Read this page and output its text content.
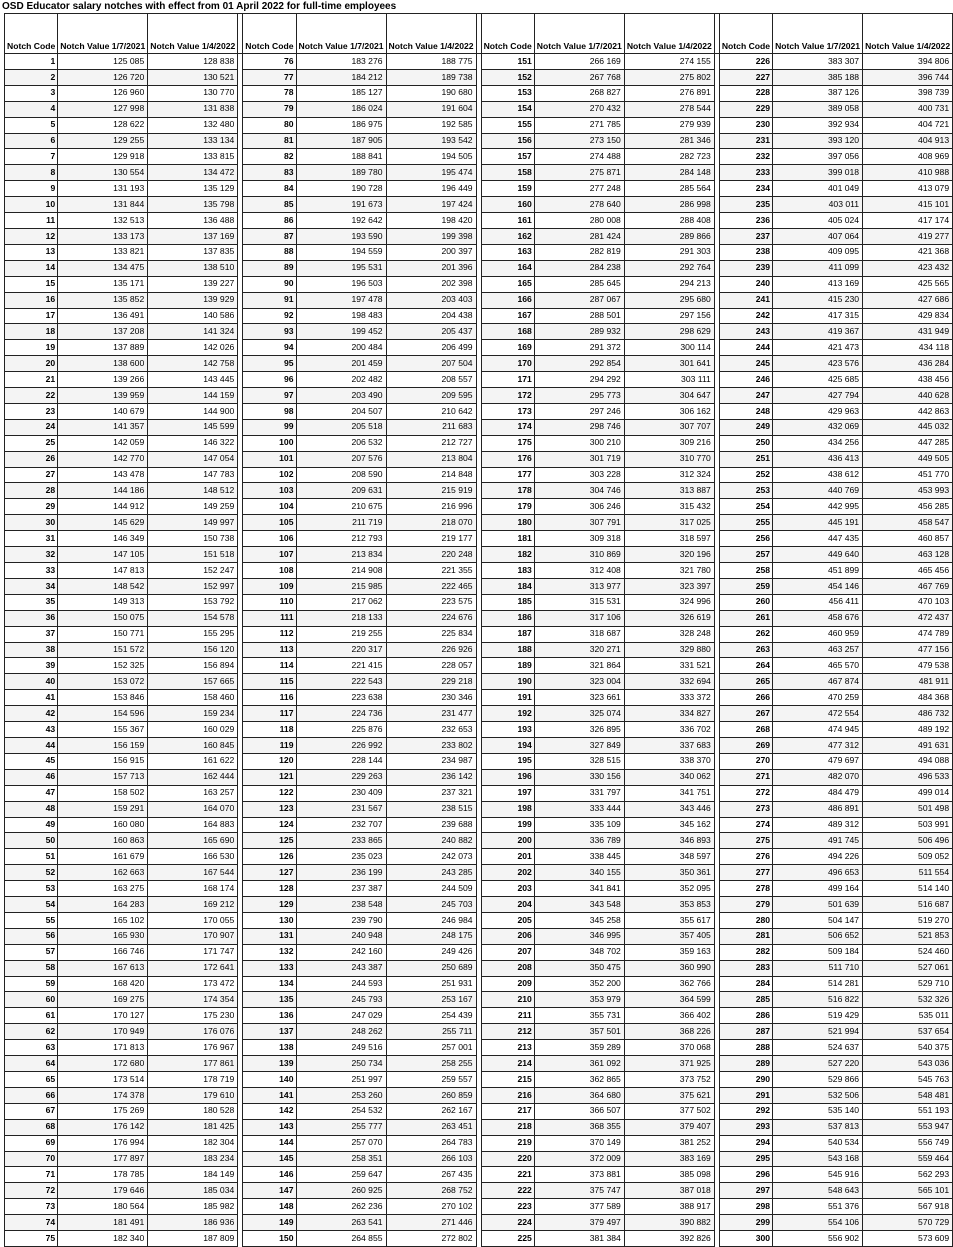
OSD Educator salary notches with effect from 01 April 2022 for full-time employees
Notch Code	Notch Value 1/7/2021	Notch Value 1/4/2022		Notch Code	Notch Value 1/7/2021	Notch Value 1/4/2022		Notch Code	Notch Value 1/7/2021	Notch Value 1/4/2022		Notch Code	Notch Value 1/7/2021	Notch Value 1/4/2022
1	125 085	128 838		76	183 276	188 775		151	266 169	274 155		226	383 307	394 806
2	126 720	130 521		77	184 212	189 738		152	267 768	275 802		227	385 188	396 744
3	126 960	130 770		78	185 127	190 680		153	268 827	276 891		228	387 126	398 739
4	127 998	131 838		79	186 024	191 604		154	270 432	278 544		229	389 058	400 731
5	128 622	132 480		80	186 975	192 585		155	271 785	279 939		230	392 934	404 721
6	129 255	133 134		81	187 905	193 542		156	273 150	281 346		231	393 120	404 913
7	129 918	133 815		82	188 841	194 505		157	274 488	282 723		232	397 056	408 969
8	130 554	134 472		83	189 780	195 474		158	275 871	284 148		233	399 018	410 988
9	131 193	135 129		84	190 728	196 449		159	277 248	285 564		234	401 049	413 079
10	131 844	135 798		85	191 673	197 424		160	278 640	286 998		235	403 011	415 101
11	132 513	136 488		86	192 642	198 420		161	280 008	288 408		236	405 024	417 174
12	133 173	137 169		87	193 590	199 398		162	281 424	289 866		237	407 064	419 277
13	133 821	137 835		88	194 559	200 397		163	282 819	291 303		238	409 095	421 368
14	134 475	138 510		89	195 531	201 396		164	284 238	292 764		239	411 099	423 432
15	135 171	139 227		90	196 503	202 398		165	285 645	294 213		240	413 169	425 565
16	135 852	139 929		91	197 478	203 403		166	287 067	295 680		241	415 230	427 686
17	136 491	140 586		92	198 483	204 438		167	288 501	297 156		242	417 315	429 834
18	137 208	141 324		93	199 452	205 437		168	289 932	298 629		243	419 367	431 949
19	137 889	142 026		94	200 484	206 499		169	291 372	300 114		244	421 473	434 118
20	138 600	142 758		95	201 459	207 504		170	292 854	301 641		245	423 576	436 284
21	139 266	143 445		96	202 482	208 557		171	294 292	303 111		246	425 685	438 456
22	139 959	144 159		97	203 490	209 595		172	295 773	304 647		247	427 794	440 628
23	140 679	144 900		98	204 507	210 642		173	297 246	306 162		248	429 963	442 863
24	141 357	145 599		99	205 518	211 683		174	298 746	307 707		249	432 069	445 032
25	142 059	146 322		100	206 532	212 727		175	300 210	309 216		250	434 256	447 285
26	142 770	147 054		101	207 576	213 804		176	301 719	310 770		251	436 413	449 505
27	143 478	147 783		102	208 590	214 848		177	303 228	312 324		252	438 612	451 770
28	144 186	148 512		103	209 631	215 919		178	304 746	313 887		253	440 769	453 993
29	144 912	149 259		104	210 675	216 996		179	306 246	315 432		254	442 995	456 285
30	145 629	149 997		105	211 719	218 070		180	307 791	317 025		255	445 191	458 547
31	146 349	150 738		106	212 793	219 177		181	309 318	318 597		256	447 435	460 857
32	147 105	151 518		107	213 834	220 248		182	310 869	320 196		257	449 640	463 128
33	147 813	152 247		108	214 908	221 355		183	312 408	321 780		258	451 899	465 456
34	148 542	152 997		109	215 985	222 465		184	313 977	323 397		259	454 146	467 769
35	149 313	153 792		110	217 062	223 575		185	315 531	324 996		260	456 411	470 103
36	150 075	154 578		111	218 133	224 676		186	317 106	326 619		261	458 676	472 437
37	150 771	155 295		112	219 255	225 834		187	318 687	328 248		262	460 959	474 789
38	151 572	156 120		113	220 317	226 926		188	320 271	329 880		263	463 257	477 156
39	152 325	156 894		114	221 415	228 057		189	321 864	331 521		264	465 570	479 538
40	153 072	157 665		115	222 543	229 218		190	323 004	332 694		265	467 874	481 911
41	153 846	158 460		116	223 638	230 346		191	323 661	333 372		266	470 259	484 368
42	154 596	159 234		117	224 736	231 477		192	325 074	334 827		267	472 554	486 732
43	155 367	160 029		118	225 876	232 653		193	326 895	336 702		268	474 945	489 192
44	156 159	160 845		119	226 992	233 802		194	327 849	337 683		269	477 312	491 631
45	156 915	161 622		120	228 144	234 987		195	328 515	338 370		270	479 697	494 088
46	157 713	162 444		121	229 263	236 142		196	330 156	340 062		271	482 070	496 533
47	158 502	163 257		122	230 409	237 321		197	331 797	341 751		272	484 479	499 014
48	159 291	164 070		123	231 567	238 515		198	333 444	343 446		273	486 891	501 498
49	160 080	164 883		124	232 707	239 688		199	335 109	345 162		274	489 312	503 991
50	160 863	165 690		125	233 865	240 882		200	336 789	346 893		275	491 745	506 496
51	161 679	166 530		126	235 023	242 073		201	338 445	348 597		276	494 226	509 052
52	162 663	167 544		127	236 199	243 285		202	340 155	350 361		277	496 653	511 554
53	163 275	168 174		128	237 387	244 509		203	341 841	352 095		278	499 164	514 140
54	164 283	169 212		129	238 548	245 703		204	343 548	353 853		279	501 639	516 687
55	165 102	170 055		130	239 790	246 984		205	345 258	355 617		280	504 147	519 270
56	165 930	170 907		131	240 948	248 175		206	346 995	357 405		281	506 652	521 853
57	166 746	171 747		132	242 160	249 426		207	348 702	359 163		282	509 184	524 460
58	167 613	172 641		133	243 387	250 689		208	350 475	360 990		283	511 710	527 061
59	168 420	173 472		134	244 593	251 931		209	352 200	362 766		284	514 281	529 710
60	169 275	174 354		135	245 793	253 167		210	353 979	364 599		285	516 822	532 326
61	170 127	175 230		136	247 029	254 439		211	355 731	366 402		286	519 429	535 011
62	170 949	176 076		137	248 262	255 711		212	357 501	368 226		287	521 994	537 654
63	171 813	176 967		138	249 516	257 001		213	359 289	370 068		288	524 637	540 375
64	172 680	177 861		139	250 734	258 255		214	361 092	371 925		289	527 220	543 036
65	173 514	178 719		140	251 997	259 557		215	362 865	373 752		290	529 866	545 763
66	174 378	179 610		141	253 260	260 859		216	364 680	375 621		291	532 506	548 481
67	175 269	180 528		142	254 532	262 167		217	366 507	377 502		292	535 140	551 193
68	176 142	181 425		143	255 777	263 451		218	368 355	379 407		293	537 813	553 947
69	176 994	182 304		144	257 070	264 783		219	370 149	381 252		294	540 534	556 749
70	177 897	183 234		145	258 351	266 103		220	372 009	383 169		295	543 168	559 464
71	178 785	184 149		146	259 647	267 435		221	373 881	385 098		296	545 916	562 293
72	179 646	185 034		147	260 925	268 752		222	375 747	387 018		297	548 643	565 101
73	180 564	185 982		148	262 236	270 102		223	377 589	388 917		298	551 376	567 918
74	181 491	186 936		149	263 541	271 446		224	379 497	390 882		299	554 106	570 729
75	182 340	187 809		150	264 855	272 802		225	381 384	392 826		300	556 902	573 609
